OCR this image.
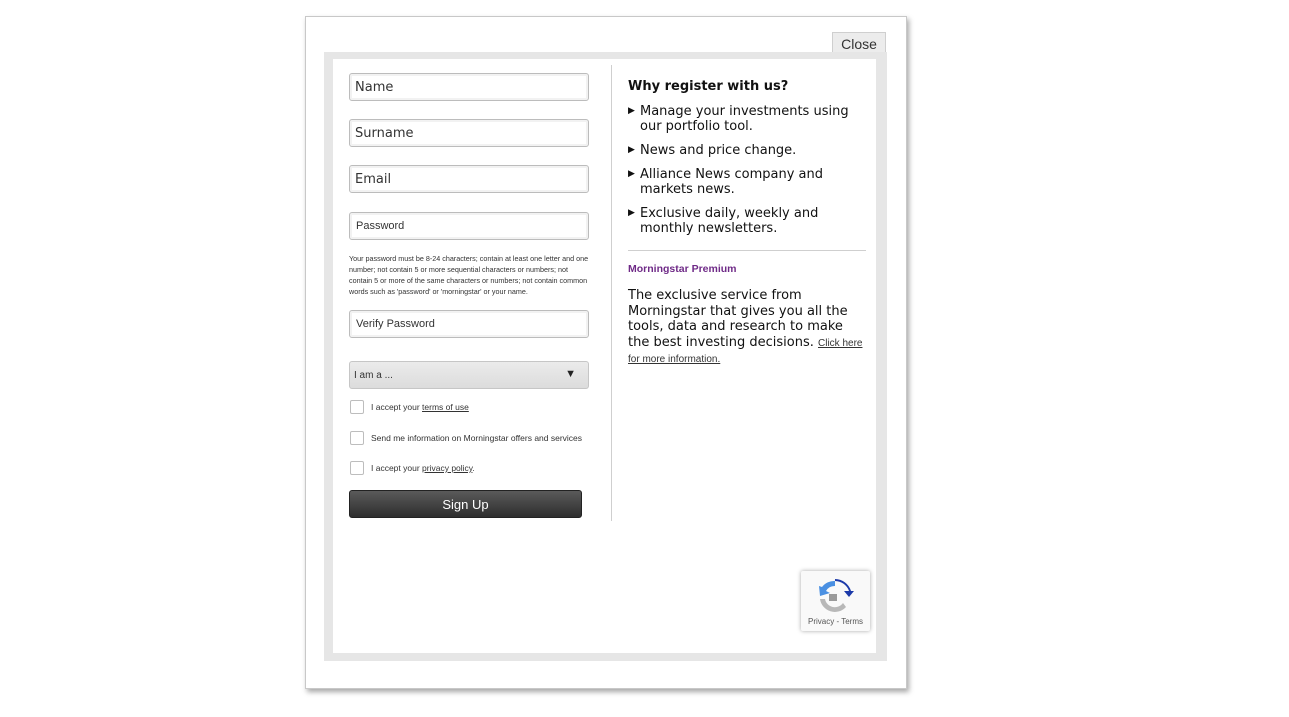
Close
Name
Surname
Email
Password
Your password must be 8-24 characters; contain at least one letter and one number; not contain 5 or more sequential characters or numbers; not contain 5 or more of the same characters or numbers; not contain common words such as 'password' or 'morningstar' or your name.
Verify Password
I am a ...	▼
I accept your terms of use
Send me information on Morningstar offers and services
I accept your privacy policy.
Sign Up
Why register with us?
▶ Manage your investments using our portfolio tool.
▶ News and price change.
▶ Alliance News company and markets news.
▶ Exclusive daily, weekly and monthly newsletters.
Morningstar Premium
The exclusive service from Morningstar that gives you all the tools, data and research to make the best investing decisions. Click here for more information.
Privacy - Terms
